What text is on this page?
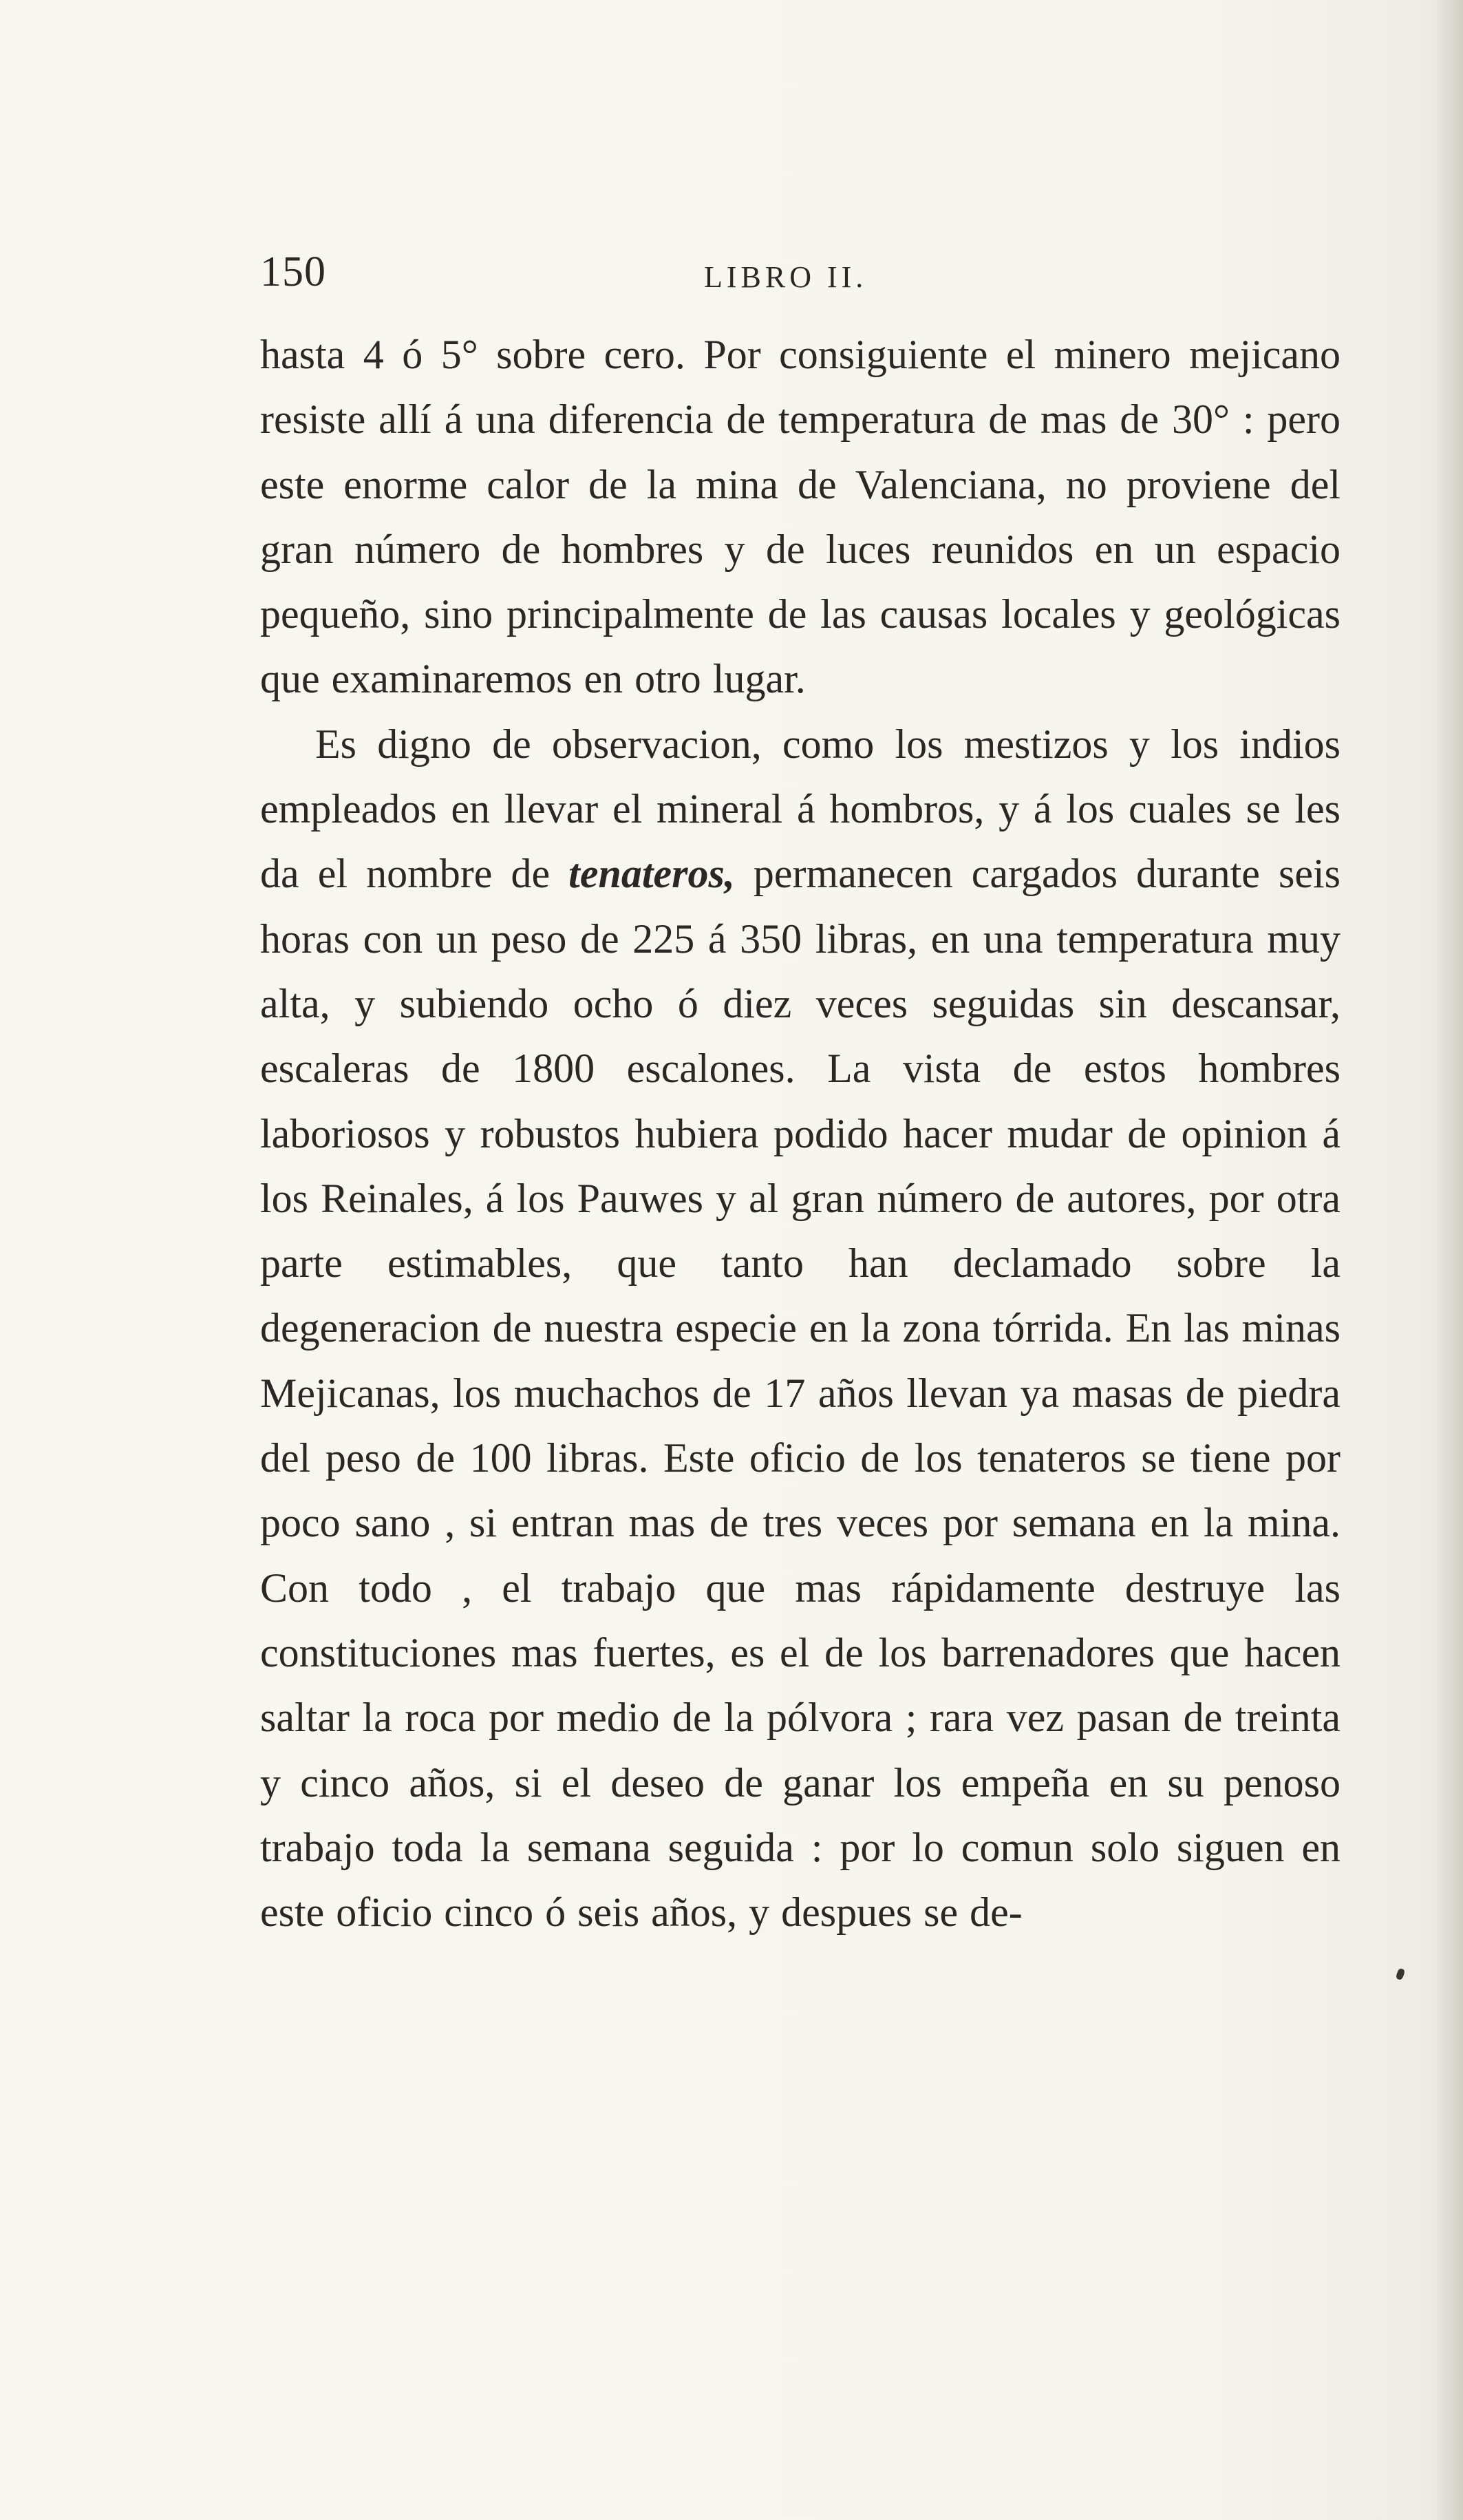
150	LIBRO II.

hasta 4 ó 5° sobre cero. Por consiguiente el minero mejicano resiste allí á una diferencia de temperatura de mas de 30° : pero este enorme calor de la mina de Valenciana, no proviene del gran número de hombres y de luces reunidos en un espacio pequeño, sino principalmente de las causas locales y geológicas que examinaremos en otro lugar.

Es digno de observacion, como los mestizos y los indios empleados en llevar el mineral á hombros, y á los cuales se les da el nombre de tenateros, permanecen cargados durante seis horas con un peso de 225 á 350 libras, en una temperatura muy alta, y subiendo ocho ó diez veces seguidas sin descansar, escaleras de 1800 escalones. La vista de estos hombres laboriosos y robustos hubiera podido hacer mudar de opinion á los Reinales, á los Pauwes y al gran número de autores, por otra parte estimables, que tanto han declamado sobre la degeneracion de nuestra especie en la zona tórrida. En las minas Mejicanas, los muchachos de 17 años llevan ya masas de piedra del peso de 100 libras. Este oficio de los tenateros se tiene por poco sano , si entran mas de tres veces por semana en la mina. Con todo , el trabajo que mas rápidamente destruye las constituciones mas fuertes, es el de los barrenadores que hacen saltar la roca por medio de la pólvora ; rara vez pasan de treinta y cinco años, si el deseo de ganar los empeña en su penoso trabajo toda la semana seguida : por lo comun solo siguen en este oficio cinco ó seis años, y despues se de-
